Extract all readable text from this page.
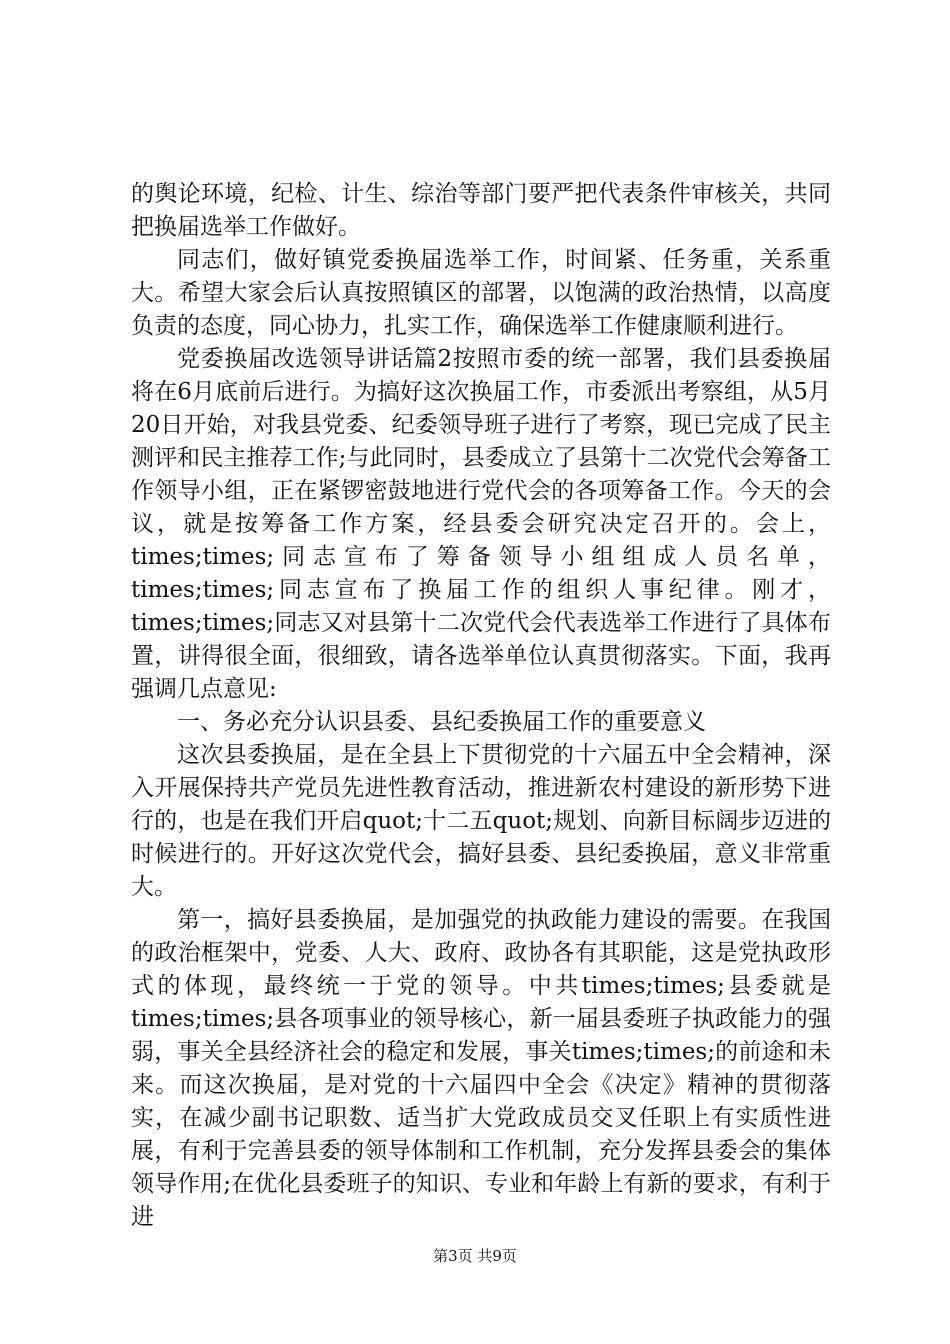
的舆论环境，纪检、计生、综治等部门要严把代表条件审核关，共同把换届选举工作做好。

同志们，做好镇党委换届选举工作，时间紧、任务重，关系重大。希望大家会后认真按照镇区的部署，以饱满的政治热情，以高度负责的态度，同心协力，扎实工作，确保选举工作健康顺利进行。

党委换届改选领导讲话篇2按照市委的统一部署，我们县委换届将在6月底前后进行。为搞好这次换届工作，市委派出考察组，从5月20日开始，对我县党委、纪委领导班子进行了考察，现已完成了民主测评和民主推荐工作;与此同时，县委成立了县第十二次党代会筹备工作领导小组，正在紧锣密鼓地进行党代会的各项筹备工作。今天的会议，就是按筹备工作方案，经县委会研究决定召开的。会上，times;times;同志宣布了筹备领导小组组成人员名单，times;times;同志宣布了换届工作的组织人事纪律。刚才，times;times;同志又对县第十二次党代会代表选举工作进行了具体布置，讲得很全面，很细致，请各选举单位认真贯彻落实。下面，我再强调几点意见:

一、务必充分认识县委、县纪委换届工作的重要意义

这次县委换届，是在全县上下贯彻党的十六届五中全会精神，深入开展保持共产党员先进性教育活动，推进新农村建设的新形势下进行的，也是在我们开启quot;十二五quot;规划、向新目标阔步迈进的时候进行的。开好这次党代会，搞好县委、县纪委换届，意义非常重大。

第一，搞好县委换届，是加强党的执政能力建设的需要。在我国的政治框架中，党委、人大、政府、政协各有其职能，这是党执政形式的体现，最终统一于党的领导。中共times;times;县委就是times;times;县各项事业的领导核心，新一届县委班子执政能力的强弱，事关全县经济社会的稳定和发展，事关times;times;的前途和未来。而这次换届，是对党的十六届四中全会《决定》精神的贯彻落实，在减少副书记职数、适当扩大党政成员交叉任职上有实质性进展，有利于完善县委的领导体制和工作机制，充分发挥县委会的集体领导作用;在优化县委班子的知识、专业和年龄上有新的要求，有利于进

第3页 共9页
